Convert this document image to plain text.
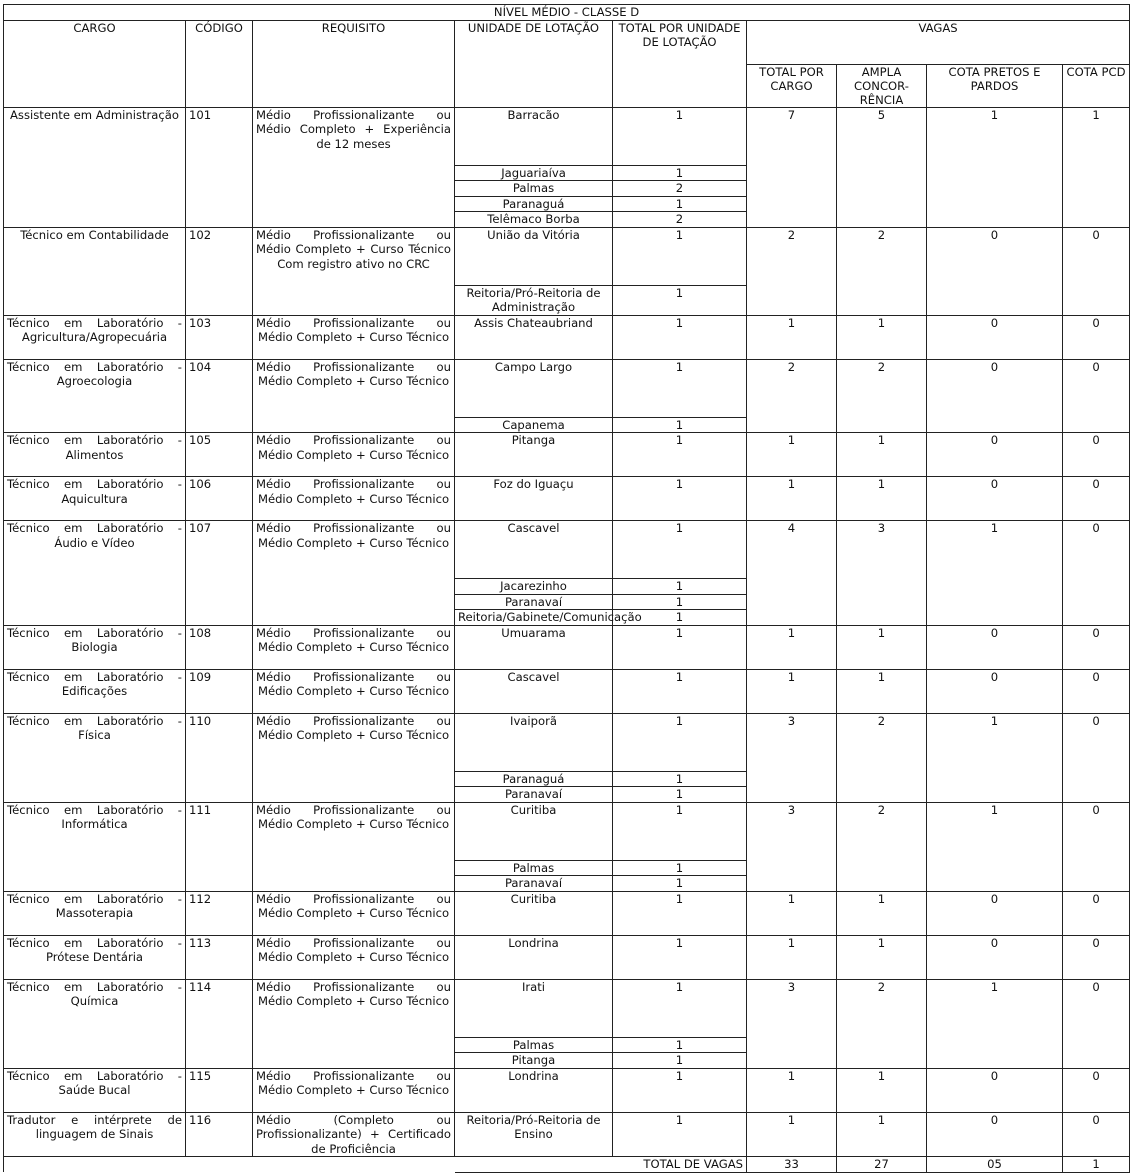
NÍVEL MÉDIO - CLASSE D								
CARGO	CÓDIGO	REQUISITO	UNIDADE DE LOTAÇÃO	TOTAL POR UNIDADE DE LOTAÇÃO	VAGAS			
					TOTAL POR CARGO	AMPLA CONCOR- RÊNCIA	COTA PRETOS E PARDOS	COTA PCD
Assistente em Administração	101	Médio Profissionalizante ou Médio Completo + Experiência de 12 meses	Barracão	1	7	5	1	1
			Jaguariaíva	1				
			Palmas	2				
			Paranaguá	1				
			Telêmaco Borba	2				
Técnico em Contabilidade	102	Médio Profissionalizante ou Médio Completo + Curso Técnico Com registro ativo no CRC	União da Vitória	1	2	2	0	0
			Reitoria/Pró-Reitoria de Administração	1				
Técnico em Laboratório - Agricultura/Agropecuária	103	Médio Profissionalizante ou Médio Completo + Curso Técnico	Assis Chateaubriand	1	1	1	0	0
Técnico em Laboratório - Agroecologia	104	Médio Profissionalizante ou Médio Completo + Curso Técnico	Campo Largo	1	2	2	0	0
			Capanema	1				
Técnico em Laboratório - Alimentos	105	Médio Profissionalizante ou Médio Completo + Curso Técnico	Pitanga	1	1	1	0	0
Técnico em Laboratório - Aquicultura	106	Médio Profissionalizante ou Médio Completo + Curso Técnico	Foz do Iguaçu	1	1	1	0	0
Técnico em Laboratório - Áudio e Vídeo	107	Médio Profissionalizante ou Médio Completo + Curso Técnico	Cascavel	1	4	3	1	0
			Jacarezinho	1				
			Paranavaí	1				
			Reitoria/Gabinete/Comunicação	1				
Técnico em Laboratório - Biologia	108	Médio Profissionalizante ou Médio Completo + Curso Técnico	Umuarama	1	1	1	0	0
Técnico em Laboratório - Edificações	109	Médio Profissionalizante ou Médio Completo + Curso Técnico	Cascavel	1	1	1	0	0
Técnico em Laboratório - Física	110	Médio Profissionalizante ou Médio Completo + Curso Técnico	Ivaiporã	1	3	2	1	0
			Paranaguá	1				
			Paranavaí	1				
Técnico em Laboratório - Informática	111	Médio Profissionalizante ou Médio Completo + Curso Técnico	Curitiba	1	3	2	1	0
			Palmas	1				
			Paranavaí	1				
Técnico em Laboratório - Massoterapia	112	Médio Profissionalizante ou Médio Completo + Curso Técnico	Curitiba	1	1	1	0	0
Técnico em Laboratório - Prótese Dentária	113	Médio Profissionalizante ou Médio Completo + Curso Técnico	Londrina	1	1	1	0	0
Técnico em Laboratório - Química	114	Médio Profissionalizante ou Médio Completo + Curso Técnico	Irati	1	3	2	1	0
			Palmas	1				
			Pitanga	1				
Técnico em Laboratório - Saúde Bucal	115	Médio Profissionalizante ou Médio Completo + Curso Técnico	Londrina	1	1	1	0	0
Tradutor e intérprete de linguagem de Sinais	116	Médio (Completo ou Profissionalizante) + Certificado de Proficiência	Reitoria/Pró-Reitoria de Ensino	1	1	1	0	0
			TOTAL DE VAGAS		33	27	05	1
